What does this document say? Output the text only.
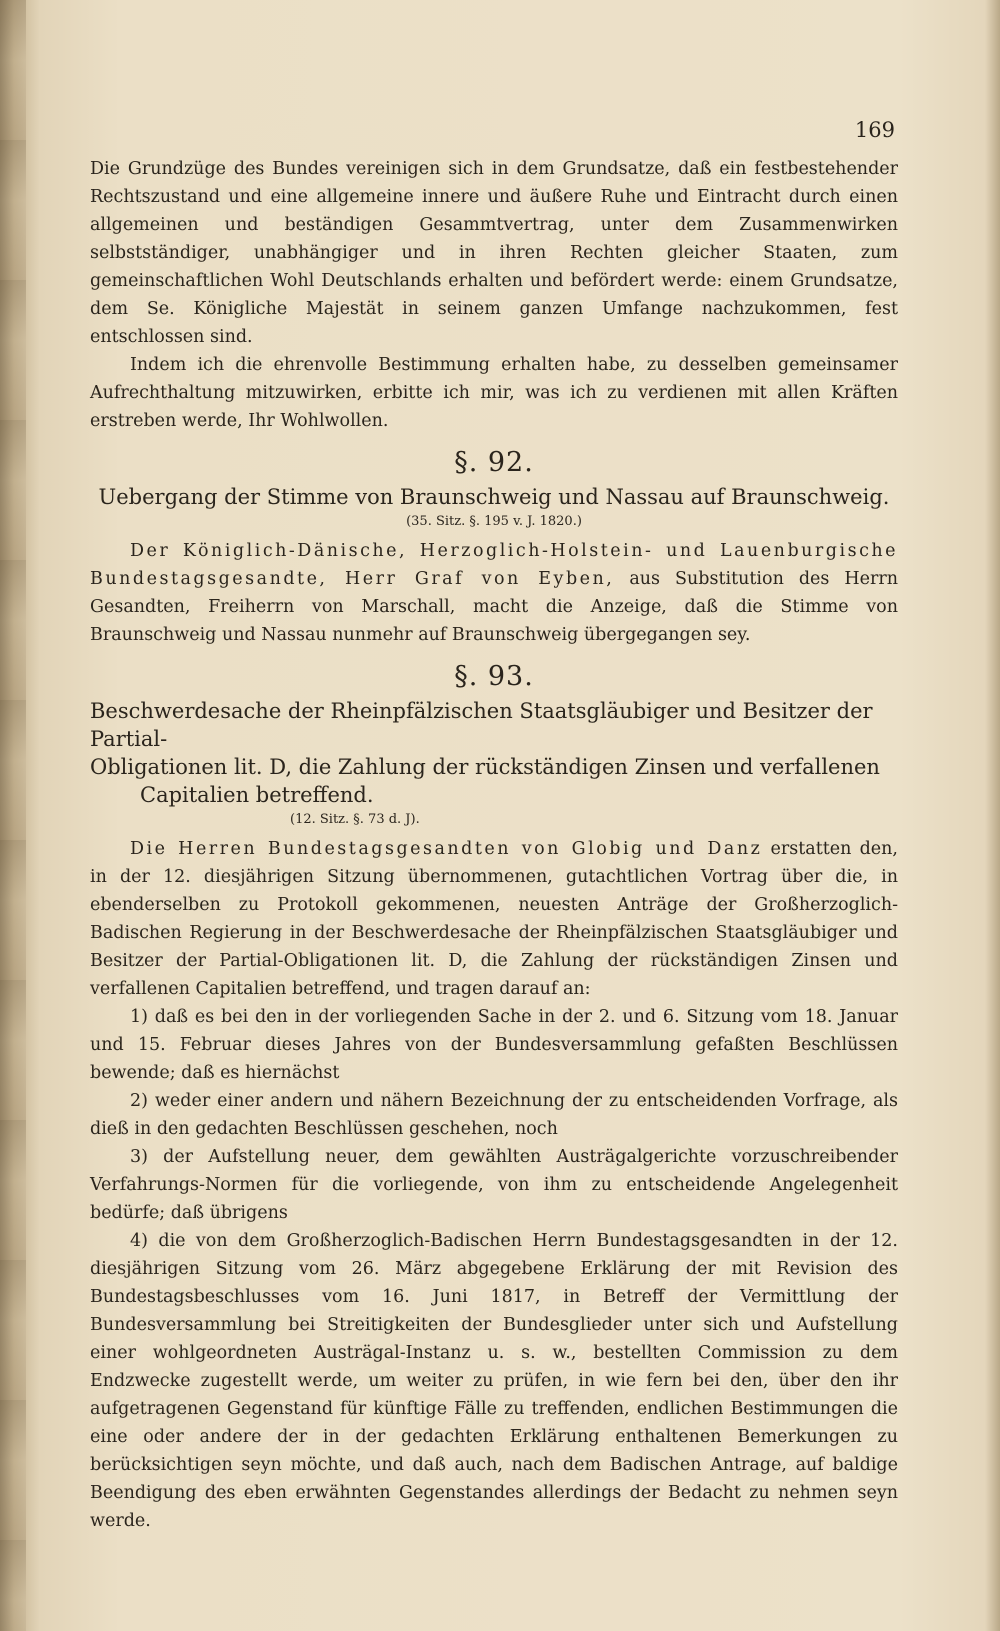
169

Die Grundzüge des Bundes vereinigen sich in dem Grundsatze, daß ein festbestehender Rechtszustand und eine allgemeine innere und äußere Ruhe und Eintracht durch einen allgemeinen und beständigen Gesammtvertrag, unter dem Zusammenwirken selbstständiger, unabhängiger und in ihren Rechten gleicher Staaten, zum gemeinschaftlichen Wohl Deutschlands erhalten und befördert werde: einem Grundsatze, dem Se. Königliche Majestät in seinem ganzen Umfange nachzukommen, fest entschlossen sind.

Indem ich die ehrenvolle Bestimmung erhalten habe, zu desselben gemeinsamer Aufrechthaltung mitzuwirken, erbitte ich mir, was ich zu verdienen mit allen Kräften erstreben werde, Ihr Wohlwollen.

§. 92.

Uebergang der Stimme von Braunschweig und Nassau auf Braunschweig.

(35. Sitz. §. 195 v. J. 1820.)

Der Königlich-Dänische, Herzoglich-Holstein- und Lauenburgische Bundestagsgesandte, Herr Graf von Eyben, aus Substitution des Herrn Gesandten, Freiherrn von Marschall, macht die Anzeige, daß die Stimme von Braunschweig und Nassau nunmehr auf Braunschweig übergegangen sey.

§. 93.

Beschwerdesache der Rheinpfälzischen Staatsgläubiger und Besitzer der Partial-

Obligationen lit. D, die Zahlung der rückständigen Zinsen und verfallenen

Capitalien betreffend.

(12. Sitz. §. 73 d. J).

Die Herren Bundestagsgesandten von Globig und Danz erstatten den, in der 12. diesjährigen Sitzung übernommenen, gutachtlichen Vortrag über die, in ebenderselben zu Protokoll gekommenen, neuesten Anträge der Großherzoglich-Badischen Regierung in der Beschwerdesache der Rheinpfälzischen Staatsgläubiger und Besitzer der Partial-Obligationen lit. D, die Zahlung der rückständigen Zinsen und verfallenen Capitalien betreffend, und tragen darauf an:

1) daß es bei den in der vorliegenden Sache in der 2. und 6. Sitzung vom 18. Januar und 15. Februar dieses Jahres von der Bundesversammlung gefaßten Beschlüssen bewende; daß es hiernächst

2) weder einer andern und nähern Bezeichnung der zu entscheidenden Vorfrage, als dieß in den gedachten Beschlüssen geschehen, noch

3) der Aufstellung neuer, dem gewählten Austrägalgerichte vorzuschreibender Verfahrungs-Normen für die vorliegende, von ihm zu entscheidende Angelegenheit bedürfe; daß übrigens

4) die von dem Großherzoglich-Badischen Herrn Bundestagsgesandten in der 12. diesjährigen Sitzung vom 26. März abgegebene Erklärung der mit Revision des Bundestagsbeschlusses vom 16. Juni 1817, in Betreff der Vermittlung der Bundesversammlung bei Streitigkeiten der Bundesglieder unter sich und Aufstellung einer wohlgeordneten Austrägal-Instanz u. s. w., bestellten Commission zu dem Endzwecke zugestellt werde, um weiter zu prüfen, in wie fern bei den, über den ihr aufgetragenen Gegenstand für künftige Fälle zu treffenden, endlichen Bestimmungen die eine oder andere der in der gedachten Erklärung enthaltenen Bemerkungen zu berücksichtigen seyn möchte, und daß auch, nach dem Badischen Antrage, auf baldige Beendigung des eben erwähnten Gegenstandes allerdings der Bedacht zu nehmen seyn werde.
